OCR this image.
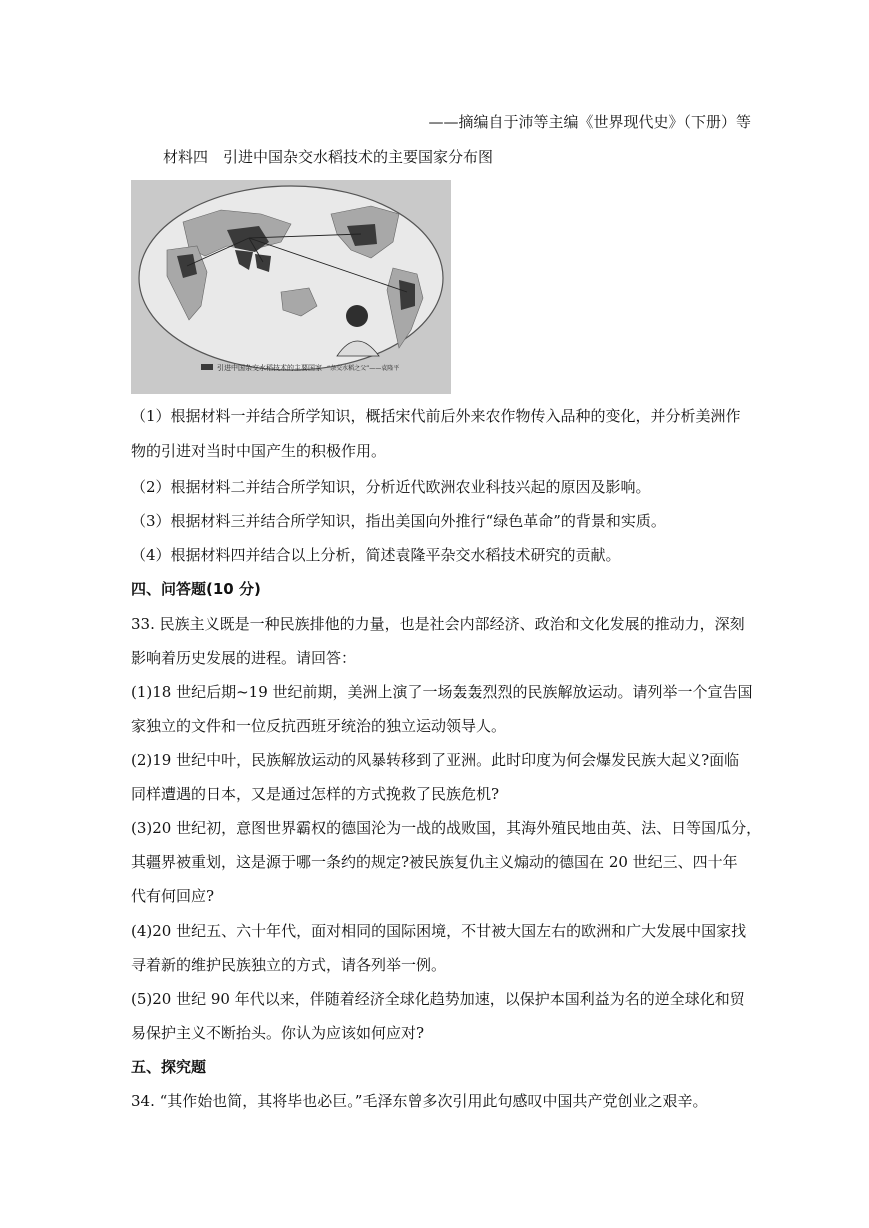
——摘编自于沛等主编《世界现代史》（下册）等
材料四　引进中国杂交水稻技术的主要国家分布图
引进中国杂交水稻技术的主要国家 “杂交水稻之父”——袁隆平
（1）根据材料一并结合所学知识，概括宋代前后外来农作物传入品种的变化，并分析美洲作
物的引进对当时中国产生的积极作用。
（2）根据材料二并结合所学知识，分析近代欧洲农业科技兴起的原因及影响。
（3）根据材料三并结合所学知识，指出美国向外推行“绿色革命”的背景和实质。
（4）根据材料四并结合以上分析，简述袁隆平杂交水稻技术研究的贡献。
四、问答题(10 分)
33. 民族主义既是一种民族排他的力量，也是社会内部经济、政治和文化发展的推动力，深刻
影响着历史发展的进程。请回答：
(1)18 世纪后期~19 世纪前期，美洲上演了一场轰轰烈烈的民族解放运动。请列举一个宣告国
家独立的文件和一位反抗西班牙统治的独立运动领导人。
(2)19 世纪中叶，民族解放运动的风暴转移到了亚洲。此时印度为何会爆发民族大起义?面临
同样遭遇的日本，又是通过怎样的方式挽救了民族危机?
(3)20 世纪初，意图世界霸权的德国沦为一战的战败国，其海外殖民地由英、法、日等国瓜分，
其疆界被重划，这是源于哪一条约的规定?被民族复仇主义煽动的德国在 20 世纪三、四十年
代有何回应?
(4)20 世纪五、六十年代，面对相同的国际困境，不甘被大国左右的欧洲和广大发展中国家找
寻着新的维护民族独立的方式，请各列举一例。
(5)20 世纪 90 年代以来，伴随着经济全球化趋势加速，以保护本国利益为名的逆全球化和贸
易保护主义不断抬头。你认为应该如何应对?
五、探究题
34. “其作始也简，其将毕也必巨。”毛泽东曾多次引用此句感叹中国共产党创业之艰辛。
